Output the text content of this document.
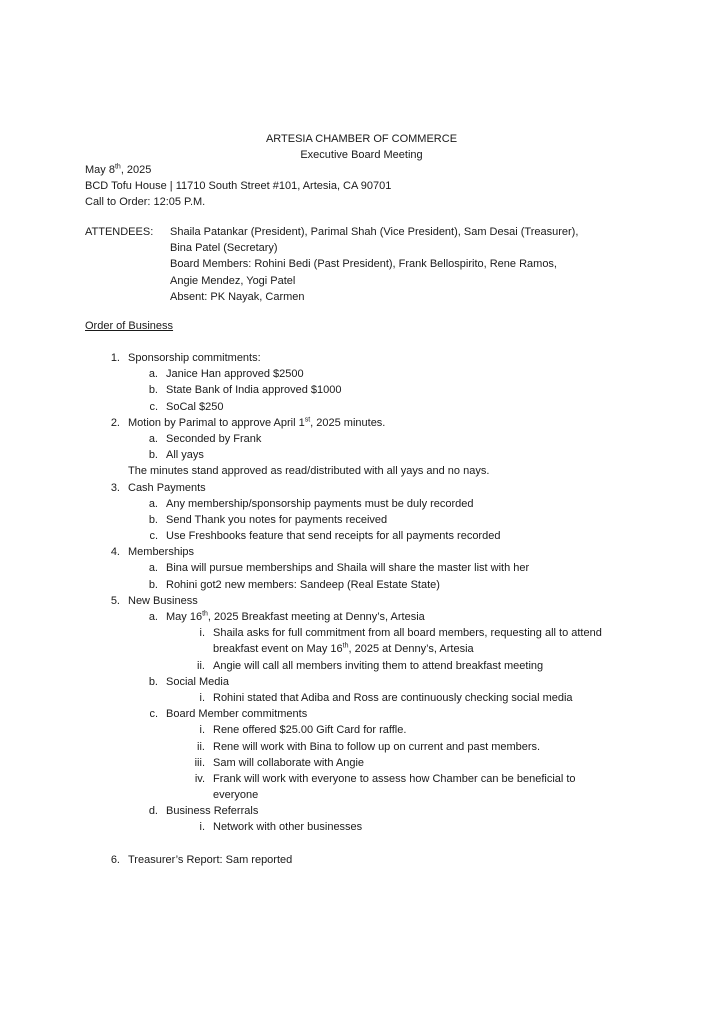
ARTESIA CHAMBER OF COMMERCE
Executive Board Meeting
May 8th, 2025
BCD Tofu House | 11710 South Street #101, Artesia, CA 90701
Call to Order: 12:05 P.M.
ATTENDEES: Shaila Patankar (President), Parimal Shah (Vice President), Sam Desai (Treasurer),
Bina Patel (Secretary)
Board Members: Rohini Bedi (Past President), Frank Bellospirito, Rene Ramos,
Angie Mendez, Yogi Patel
Absent: PK Nayak, Carmen
Order of Business
1. Sponsorship commitments:
a. Janice Han approved $2500
b. State Bank of India approved $1000
c. SoCal $250
2. Motion by Parimal to approve April 1st, 2025 minutes.
a. Seconded by Frank
b. All yays
The minutes stand approved as read/distributed with all yays and no nays.
3. Cash Payments
a. Any membership/sponsorship payments must be duly recorded
b. Send Thank you notes for payments received
c. Use Freshbooks feature that send receipts for all payments recorded
4. Memberships
a. Bina will pursue memberships and Shaila will share the master list with her
b. Rohini got2 new members: Sandeep (Real Estate State)
5. New Business
a. May 16th, 2025 Breakfast meeting at Denny’s, Artesia
i. Shaila asks for full commitment from all board members, requesting all to attend
breakfast event on May 16th, 2025 at Denny’s, Artesia
ii. Angie will call all members inviting them to attend breakfast meeting
b. Social Media
i. Rohini stated that Adiba and Ross are continuously checking social media
c. Board Member commitments
i. Rene offered $25.00 Gift Card for raffle.
ii. Rene will work with Bina to follow up on current and past members.
iii. Sam will collaborate with Angie
iv. Frank will work with everyone to assess how Chamber can be beneficial to
everyone
d. Business Referrals
i. Network with other businesses
6. Treasurer’s Report: Sam reported
